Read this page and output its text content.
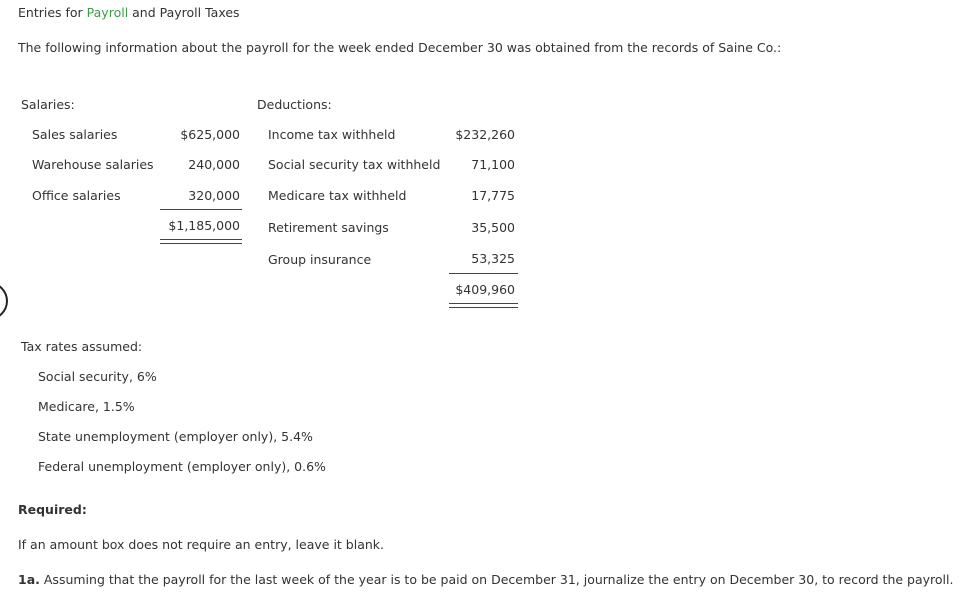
Entries for Payroll and Payroll Taxes
The following information about the payroll for the week ended December 30 was obtained from the records of Saine Co.:
Salaries:
Sales salaries	$625,000
Warehouse salaries	240,000
Office salaries	320,000
$1,185,000
Deductions:
Income tax withheld	$232,260
Social security tax withheld	71,100
Medicare tax withheld	17,775
Retirement savings	35,500
Group insurance	53,325
$409,960
Tax rates assumed:
Social security, 6%
Medicare, 1.5%
State unemployment (employer only), 5.4%
Federal unemployment (employer only), 0.6%
Required:
If an amount box does not require an entry, leave it blank.
1a. Assuming that the payroll for the last week of the year is to be paid on December 31, journalize the entry on December 30, to record the payroll.
